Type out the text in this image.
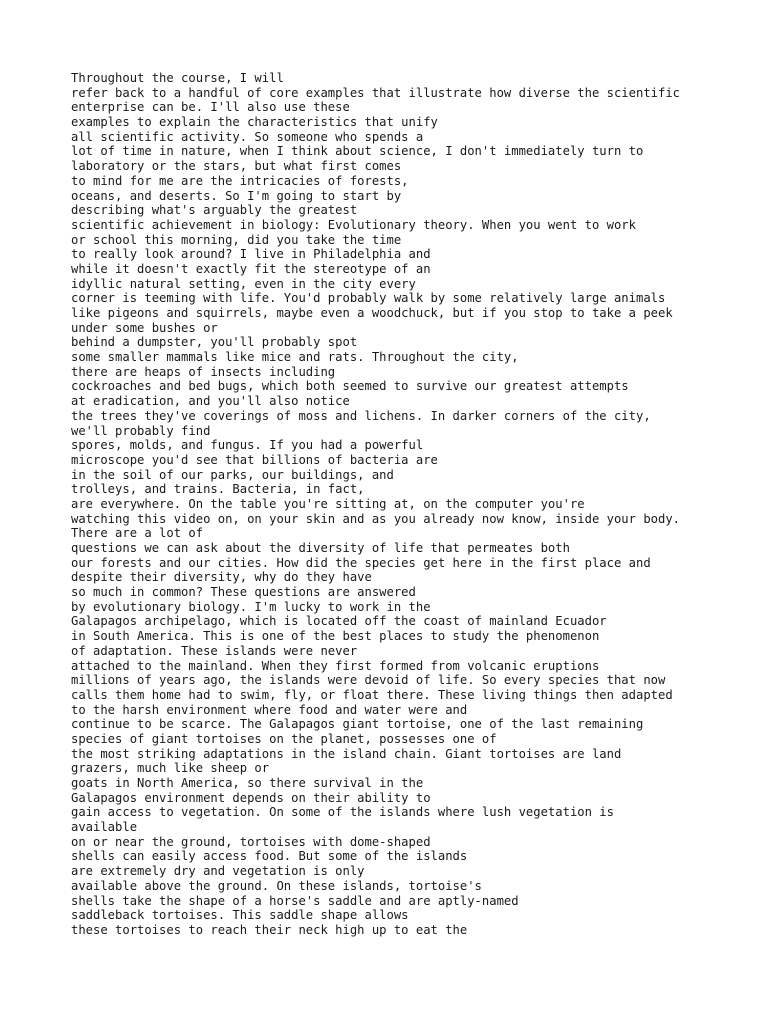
Throughout the course, I will
refer back to a handful of core examples that illustrate how diverse the scientific
enterprise can be. I'll also use these
examples to explain the characteristics that unify
all scientific activity. So someone who spends a
lot of time in nature, when I think about science, I don't immediately turn to
laboratory or the stars, but what first comes
to mind for me are the intricacies of forests,
oceans, and deserts. So I'm going to start by
describing what's arguably the greatest
scientific achievement in biology: Evolutionary theory. When you went to work
or school this morning, did you take the time
to really look around? I live in Philadelphia and
while it doesn't exactly fit the stereotype of an
idyllic natural setting, even in the city every
corner is teeming with life. You'd probably walk by some relatively large animals
like pigeons and squirrels, maybe even a woodchuck, but if you stop to take a peek
under some bushes or
behind a dumpster, you'll probably spot
some smaller mammals like mice and rats. Throughout the city,
there are heaps of insects including
cockroaches and bed bugs, which both seemed to survive our greatest attempts
at eradication, and you'll also notice
the trees they've coverings of moss and lichens. In darker corners of the city,
we'll probably find
spores, molds, and fungus. If you had a powerful
microscope you'd see that billions of bacteria are
in the soil of our parks, our buildings, and
trolleys, and trains. Bacteria, in fact,
are everywhere. On the table you're sitting at, on the computer you're
watching this video on, on your skin and as you already now know, inside your body.
There are a lot of
questions we can ask about the diversity of life that permeates both
our forests and our cities. How did the species get here in the first place and
despite their diversity, why do they have
so much in common? These questions are answered
by evolutionary biology. I'm lucky to work in the
Galapagos archipelago, which is located off the coast of mainland Ecuador
in South America. This is one of the best places to study the phenomenon
of adaptation. These islands were never
attached to the mainland. When they first formed from volcanic eruptions
millions of years ago, the islands were devoid of life. So every species that now
calls them home had to swim, fly, or float there. These living things then adapted
to the harsh environment where food and water were and
continue to be scarce. The Galapagos giant tortoise, one of the last remaining
species of giant tortoises on the planet, possesses one of
the most striking adaptations in the island chain. Giant tortoises are land
grazers, much like sheep or
goats in North America, so there survival in the
Galapagos environment depends on their ability to
gain access to vegetation. On some of the islands where lush vegetation is
available
on or near the ground, tortoises with dome-shaped
shells can easily access food. But some of the islands
are extremely dry and vegetation is only
available above the ground. On these islands, tortoise's
shells take the shape of a horse's saddle and are aptly-named
saddleback tortoises. This saddle shape allows
these tortoises to reach their neck high up to eat the
